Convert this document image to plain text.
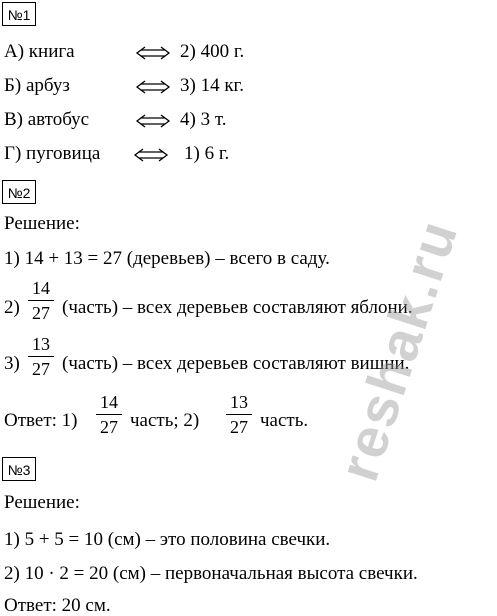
№1
А) книга	2) 400 г.
Б) арбуз	3) 14 кг.
В) автобус	4) 3 т.
Г) пуговица	1) 6 г.
№2
Решение:
1) 14 + 13 = 27 (деревьев) – всего в саду.
2)
14
27 (часть) – всех деревьев составляют яблони.
3)
13
27 (часть) – всех деревьев составляют вишни.
Ответ: 1)
14
27 часть; 2)
13
27 часть.
№3
Решение:
1) 5 + 5 = 10 (см) – это половина свечки.
2) 10 · 2 = 20 (см) – первоначальная высота свечки.
Ответ: 20 см.
reshak.ru
